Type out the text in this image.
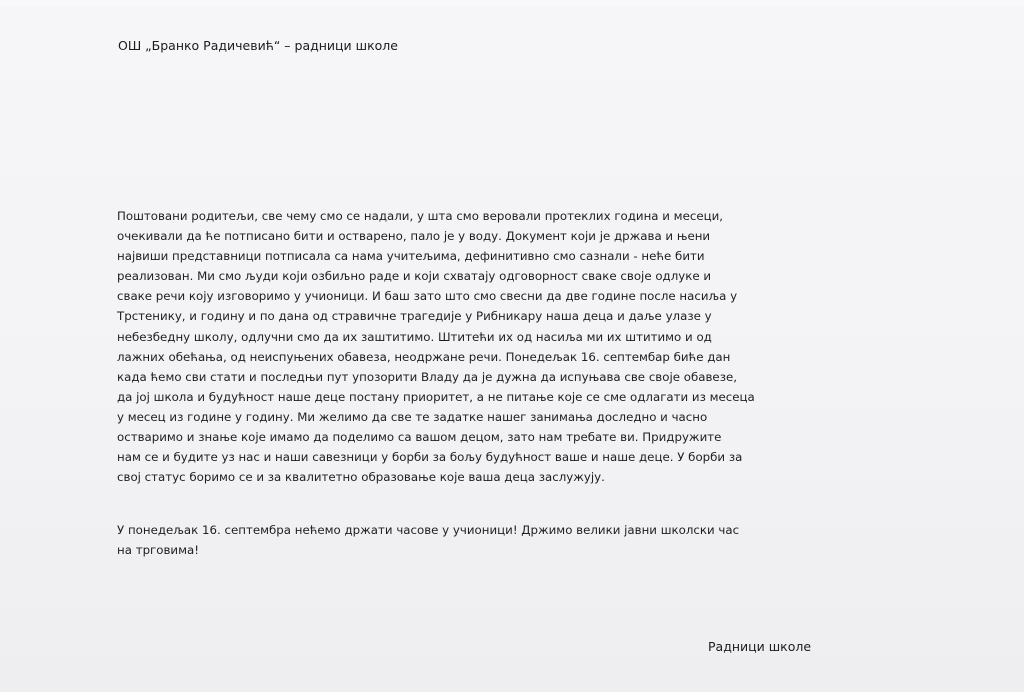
ОШ „Бранко Радичевић“ – радници школе
Поштовани родитељи, све чему смо се надали, у шта смо веровали протеклих година и месеци,
очекивали да ће потписано бити и остварено, пало је у воду. Документ који је држава и њени
највиши представници потписала са нама учитељима, дефинитивно смо сазнали - неће бити
реализован. Ми смо људи који озбиљно раде и који схватају одговорност сваке своје одлуке и
сваке речи коју изговоримо у учионици. И баш зато што смо свесни да две године после насиља у
Трстенику, и годину и по дана од стравичне трагедије у Рибникару наша деца и даље улазе у
небезбедну школу, одлучни смо да их заштитимо. Штитећи их од насиља ми их штитимо и од
лажних обећања, од неиспуњених обавеза, неодржане речи. Понедељак 16. септембар биће дан
када ћемо сви стати и последњи пут упозорити Владу да је дужна да испуњава све своје обавезе,
да јој школа и будућност наше деце постану приоритет, а не питање које се сме одлагати из месеца
у месец из године у годину. Ми желимо да све те задатке нашег занимања доследно и часно
остваримо и знање које имамо да поделимо са вашом децом, зато нам требате ви. Придружите
нам се и будите уз нас и наши савезници у борби за бољу будућност ваше и наше деце. У борби за
свој статус боримо се и за квалитетно образовање које ваша деца заслужују.
У понедељак 16. септембра нећемо држати часове у учионици! Држимо велики јавни школски час
на трговима!
Радници школе
